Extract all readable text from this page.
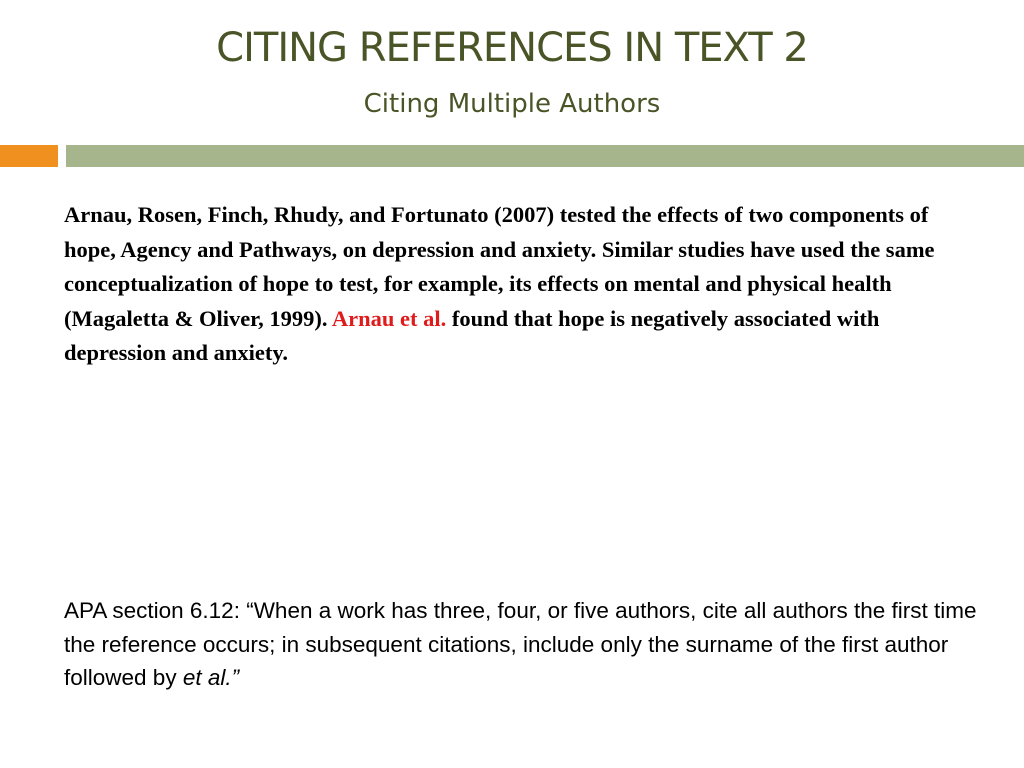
CITING REFERENCES IN TEXT 2
Citing Multiple Authors

Arnau, Rosen, Finch, Rhudy, and Fortunato (2007) tested the effects of two components of hope, Agency and Pathways, on depression and anxiety. Similar studies have used the same conceptualization of hope to test, for example, its effects on mental and physical health (Magaletta & Oliver, 1999). Arnau et al. found that hope is negatively associated with depression and anxiety.

APA section 6.12: “When a work has three, four, or five authors, cite all authors the first time the reference occurs; in subsequent citations, include only the surname of the first author followed by et al.”
